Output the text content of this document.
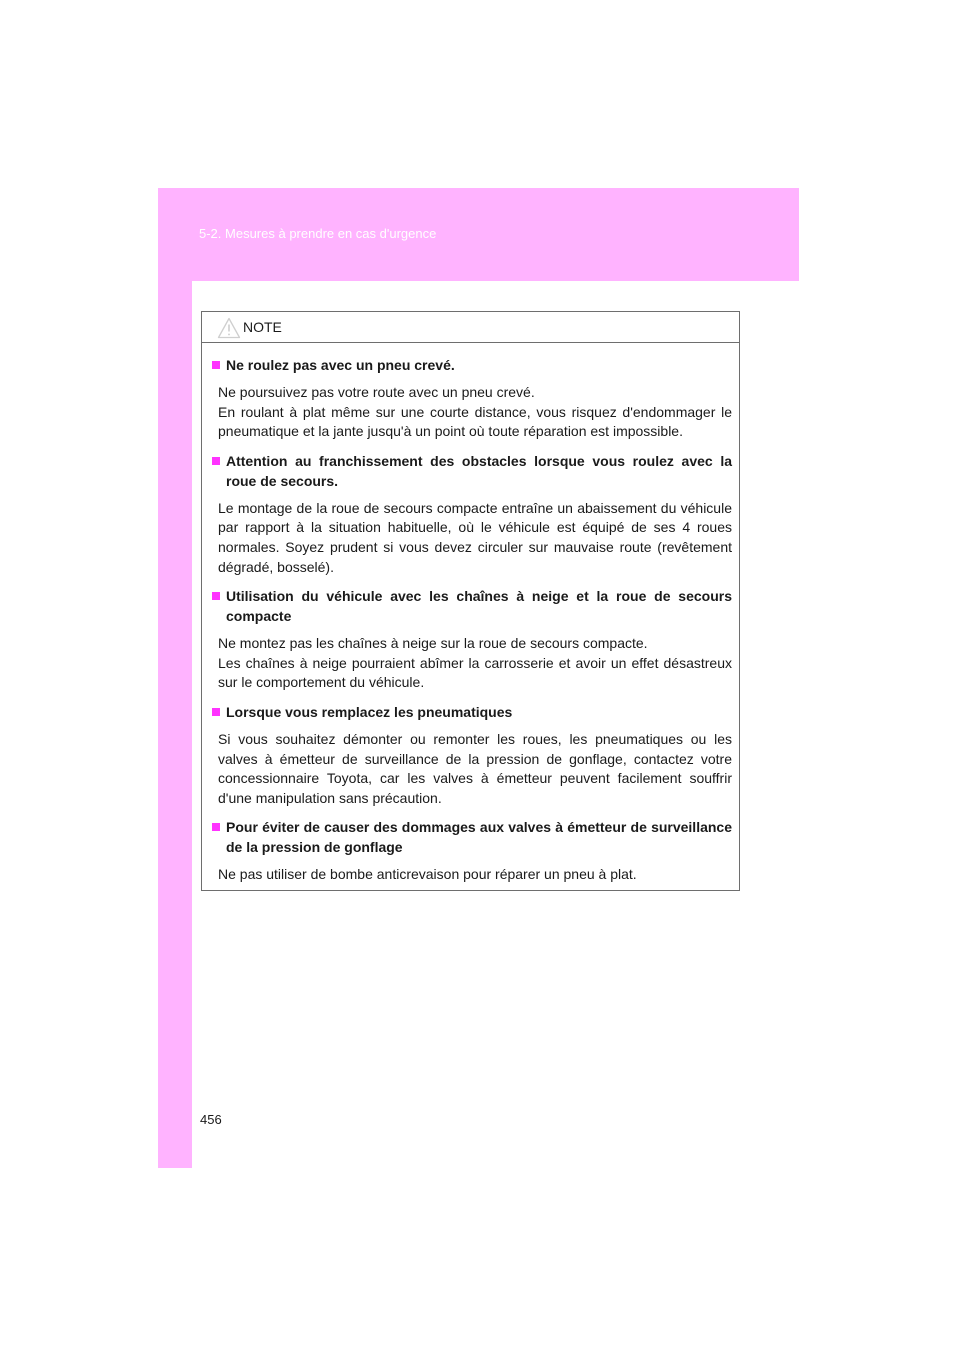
5-2. Mesures à prendre en cas d'urgence
NOTE
Ne roulez pas avec un pneu crevé.

Ne poursuivez pas votre route avec un pneu crevé.

En roulant à plat même sur une courte distance, vous risquez d'endommager le pneumatique et la jante jusqu'à un point où toute réparation est impossible.

Attention au franchissement des obstacles lorsque vous roulez avec la roue de secours.

Le montage de la roue de secours compacte entraîne un abaissement du véhicule par rapport à la situation habituelle, où le véhicule est équipé de ses 4 roues normales. Soyez prudent si vous devez circuler sur mauvaise route (revêtement dégradé, bosselé).

Utilisation du véhicule avec les chaînes à neige et la roue de secours compacte

Ne montez pas les chaînes à neige sur la roue de secours compacte.

Les chaînes à neige pourraient abîmer la carrosserie et avoir un effet désastreux sur le comportement du véhicule.

Lorsque vous remplacez les pneumatiques

Si vous souhaitez démonter ou remonter les roues, les pneumatiques ou les valves à émetteur de surveillance de la pression de gonflage, contactez votre concessionnaire Toyota, car les valves à émetteur peuvent facilement souffrir d'une manipulation sans précaution.

Pour éviter de causer des dommages aux valves à émetteur de surveillance de la pression de gonflage

Ne pas utiliser de bombe anticrevaison pour réparer un pneu à plat.

456
